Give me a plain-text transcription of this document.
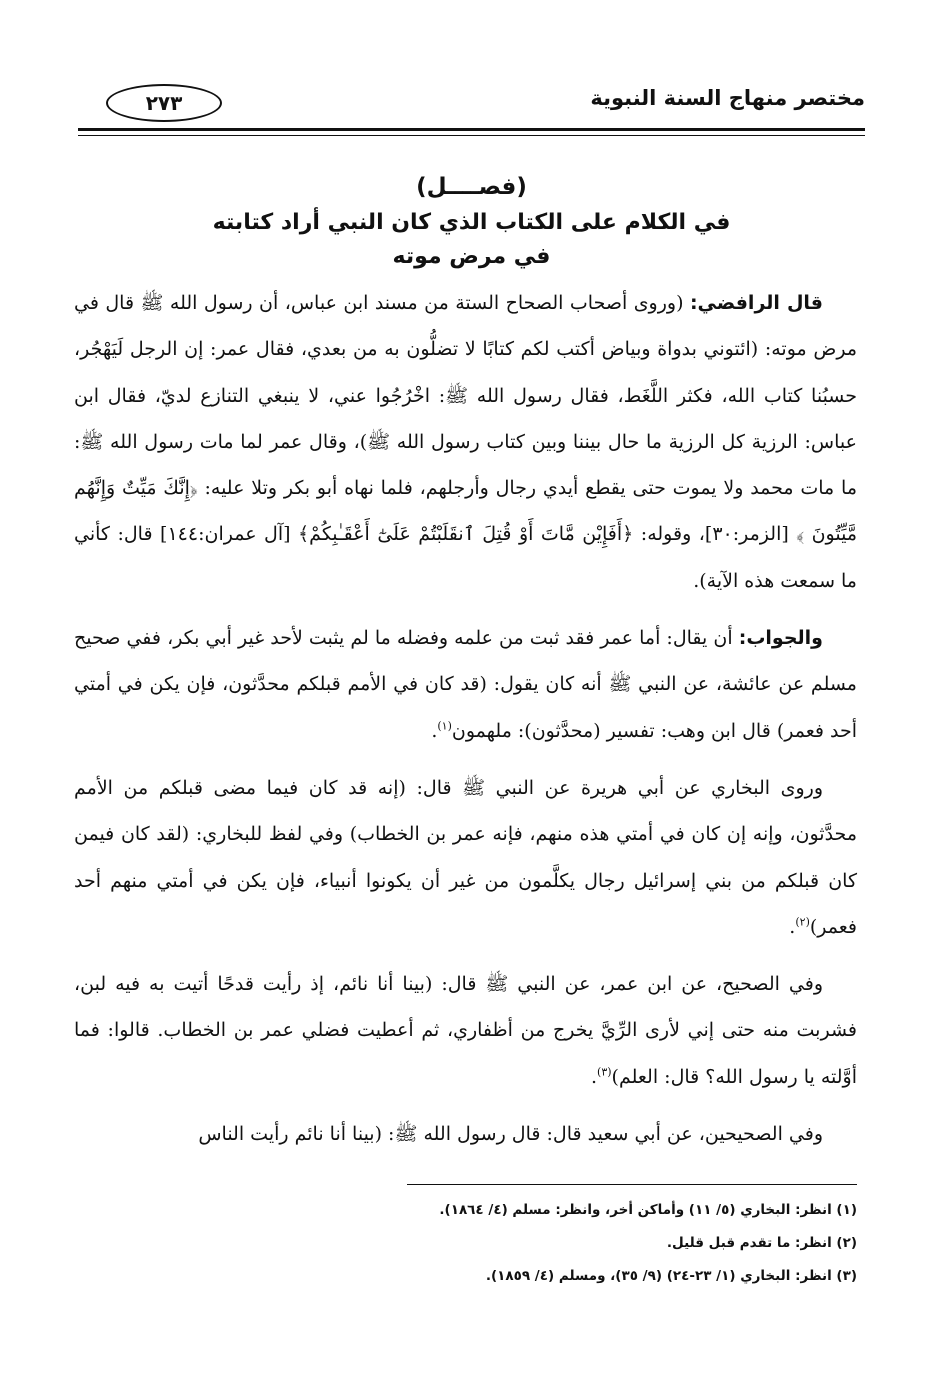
مختصر منهاج السنة النبوية
٢٧٣

(فصــــل)

في الكلام على الكتاب الذي كان النبي أراد كتابته

في مرض موته

قال الرافضي: (وروى أصحاب الصحاح الستة من مسند ابن عباس، أن رسول الله ﷺ قال في مرض موته: (ائتوني بدواة وبياض أكتب لكم كتابًا لا تضلُّون به من بعدي، فقال عمر: إن الرجل لَيَهْجُر، حسبُنا كتاب الله، فكثر اللَّغَط، فقال رسول الله ﷺ: اخْرُجُوا عني، لا ينبغي التنازع لديّ، فقال ابن عباس: الرزية كل الرزية ما حال بيننا وبين كتاب رسول الله ﷺ)، وقال عمر لما مات رسول الله ﷺ: ما مات محمد ولا يموت حتى يقطع أيدي رجال وأرجلهم، فلما نهاه أبو بكر وتلا عليه: ﴿إِنَّكَ مَيِّتٌ وَإِنَّهُم مَّيِّتُونَ ﴾ [الزمر:٣٠]، وقوله: ﴿أَفَإِيْن مَّاتَ أَوْ قُتِلَ ٱنقَلَبْتُمْ عَلَىٰٓ أَعْقَـٰبِكُمْ﴾ [آل عمران:١٤٤] قال: كأني ما سمعت هذه الآية).

والجواب: أن يقال: أما عمر فقد ثبت من علمه وفضله ما لم يثبت لأحد غير أبي بكر، ففي صحيح مسلم عن عائشة، عن النبي ﷺ أنه كان يقول: (قد كان في الأمم قبلكم محدَّثون، فإن يكن في أمتي أحد فعمر) قال ابن وهب: تفسير (محدَّثون): ملهمون$^{(١)}$.

وروى البخاري عن أبي هريرة عن النبي ﷺ قال: (إنه قد كان فيما مضى قبلكم من الأمم محدَّثون، وإنه إن كان في أمتي هذه منهم، فإنه عمر بن الخطاب) وفي لفظ للبخاري: (لقد كان فيمن كان قبلكم من بني إسرائيل رجال يكلَّمون من غير أن يكونوا أنبياء، فإن يكن في أمتي منهم أحد فعمر)$^{(٢)}$.

وفي الصحيح، عن ابن عمر، عن النبي ﷺ قال: (بينا أنا نائم، إذ رأيت قدحًا أتيت به فيه لبن، فشربت منه حتى إني لأرى الرِّيَّ يخرج من أظفاري، ثم أعطيت فضلي عمر بن الخطاب. قالوا: فما أوَّلته يا رسول الله؟ قال: العلم)$^{(٣)}$.

وفي الصحيحين، عن أبي سعيد قال: قال رسول الله ﷺ: (بينا أنا نائم رأيت الناس

(١) انظر: البخاري (٥/ ١١) وأماكن أخر، وانظر: مسلم (٤/ ١٨٦٤).

(٢) انظر: ما تقدم قبل قليل.

(٣) انظر: البخاري (١/ ٢٣-٢٤) (٩/ ٣٥)، ومسلم (٤/ ١٨٥٩).
